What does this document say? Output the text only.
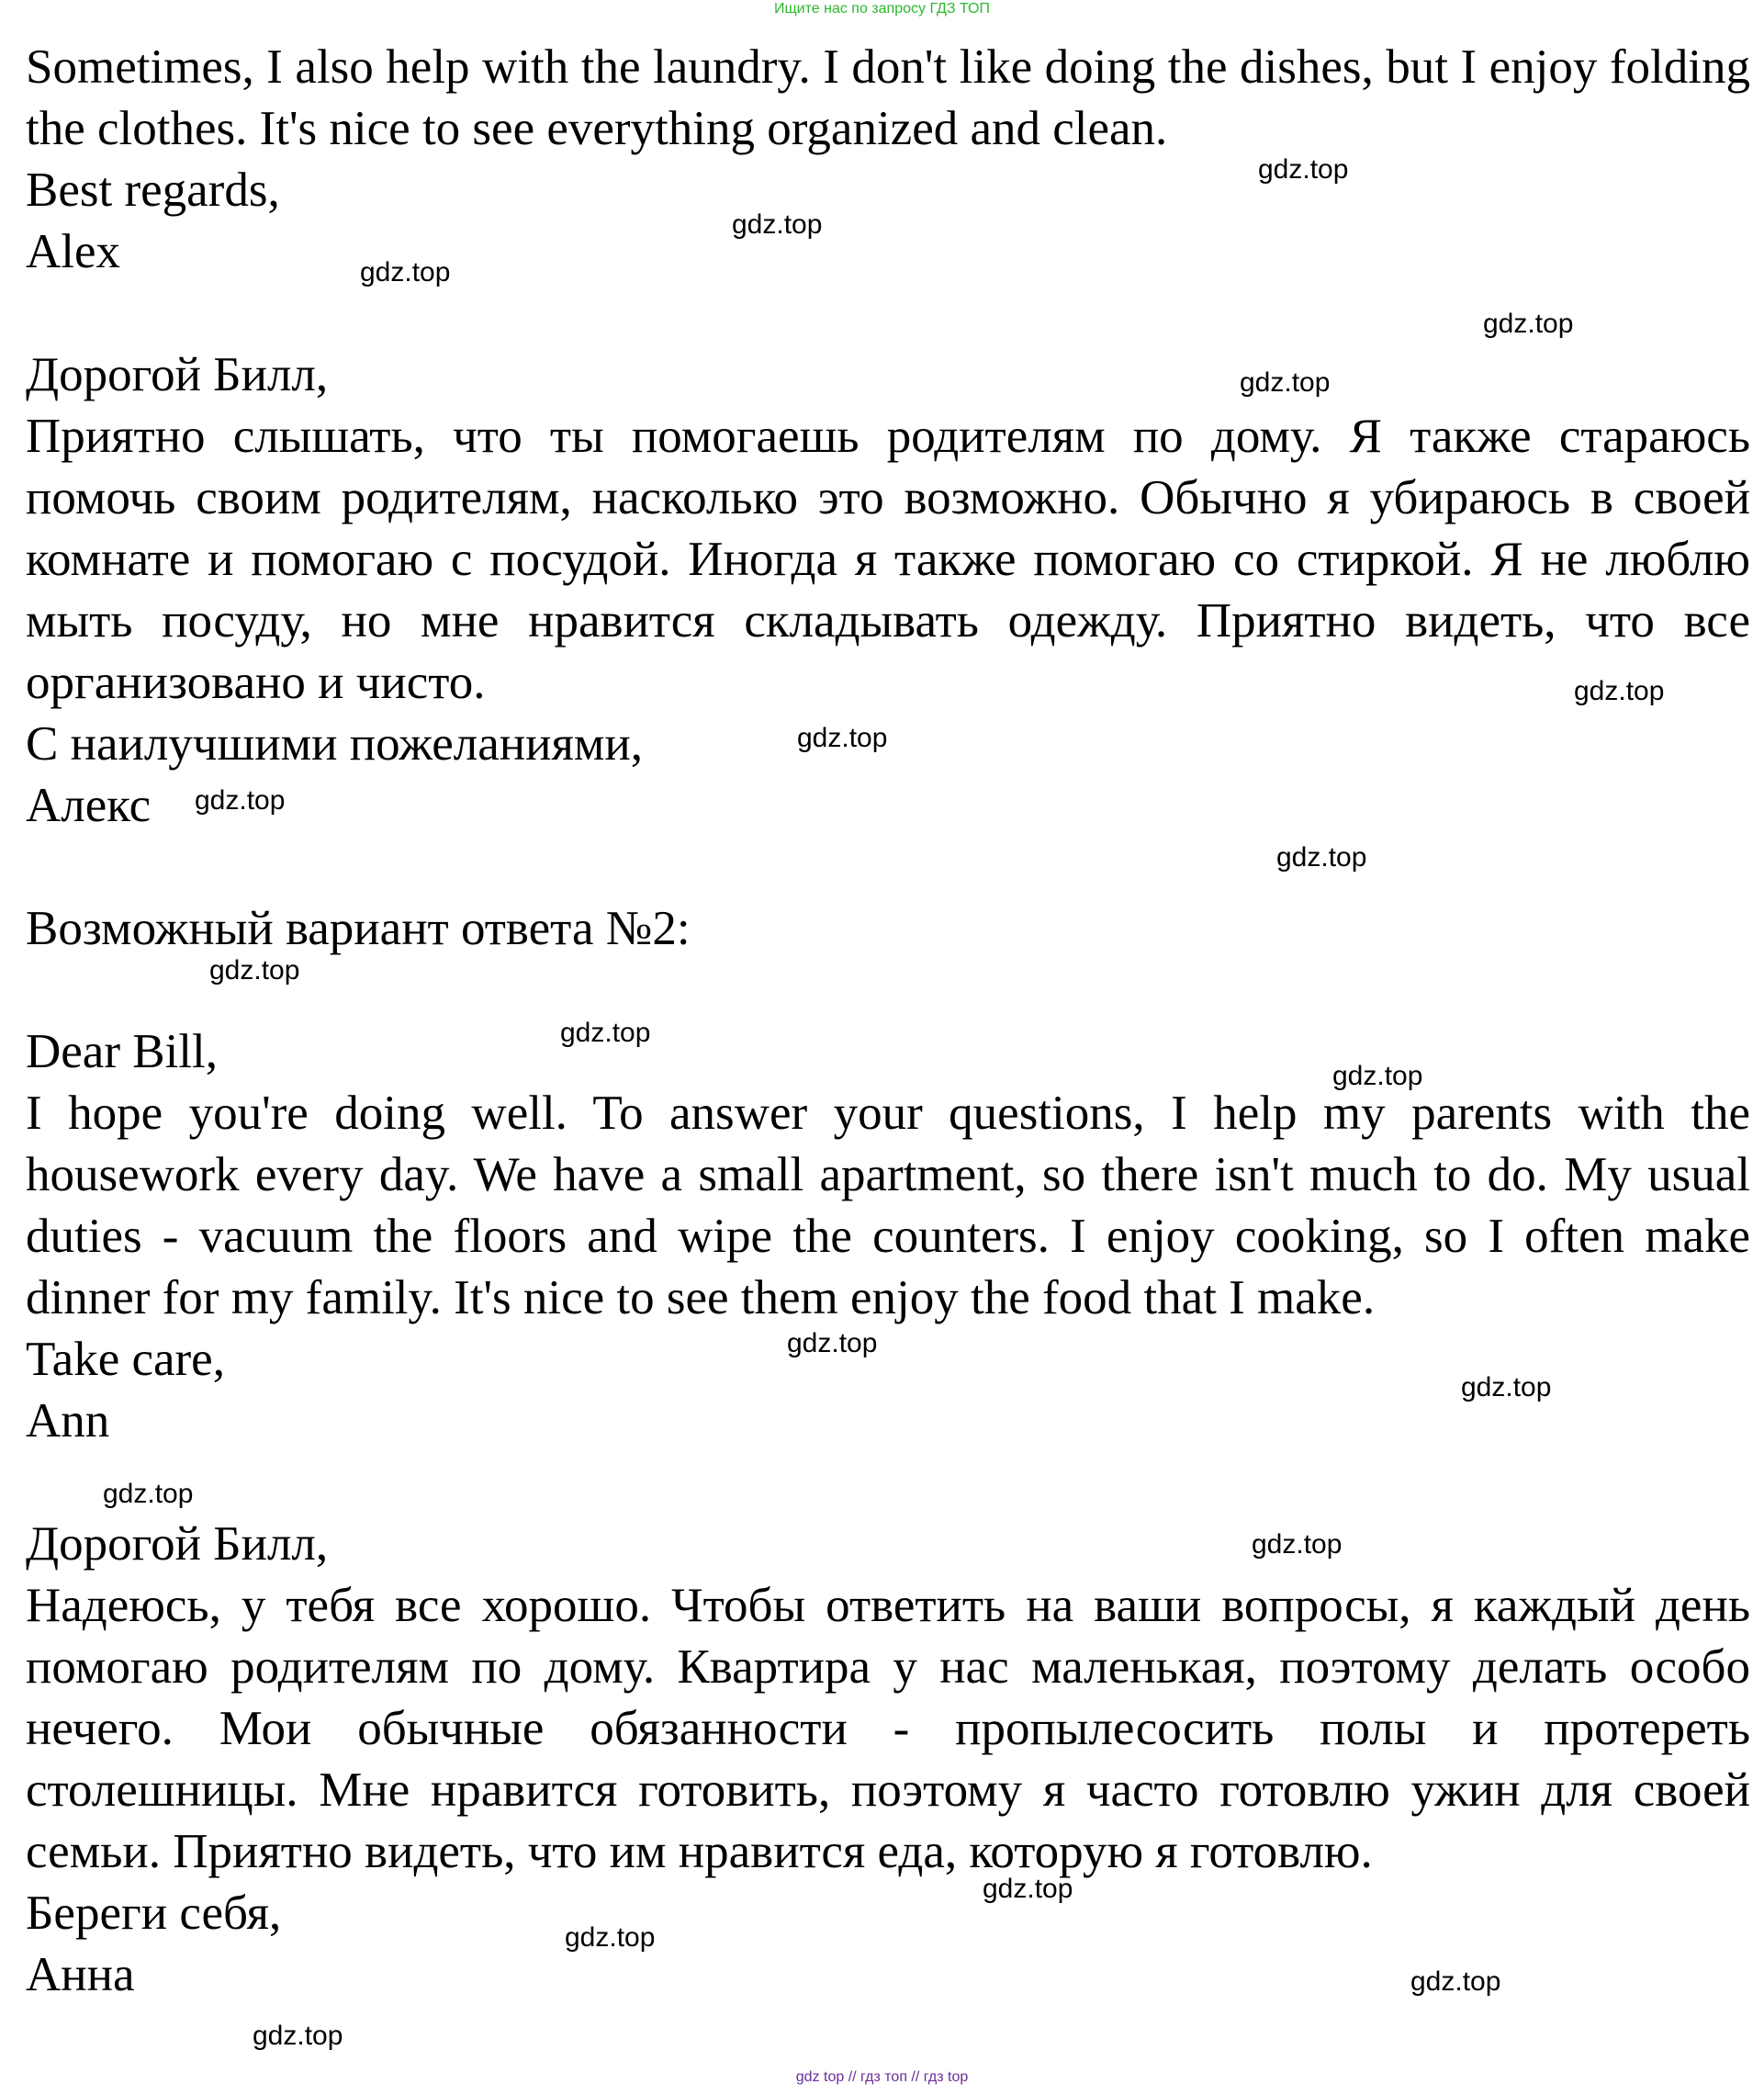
Ищите нас по запросу ГДЗ ТОП

Sometimes, I also help with the laundry. I don't like doing the dishes, but I enjoy folding the clothes. It's nice to see everything organized and clean.

Best regards,
Alex
Дорогой Билл,

Приятно слышать, что ты помогаешь родителям по дому. Я также стараюсь помочь своим родителям, насколько это возможно. Обычно я убираюсь в своей комнате и помогаю с посудой. Иногда я также помогаю со стиркой. Я не люблю мыть посуду, но мне нравится складывать одежду. Приятно видеть, что все организовано и чисто.

С наилучшими пожеланиями,
Алекс
Возможный вариант ответа №2:
Dear Bill,

I hope you're doing well. To answer your questions, I help my parents with the housework every day. We have a small apartment, so there isn't much to do. My usual duties - vacuum the floors and wipe the counters. I enjoy cooking, so I often make dinner for my family. It's nice to see them enjoy the food that I make.

Take care,
Ann
Дорогой Билл,

Надеюсь, у тебя все хорошо. Чтобы ответить на ваши вопросы, я каждый день помогаю родителям по дому. Квартира у нас маленькая, поэтому делать особо нечего. Мои обычные обязанности - пропылесосить полы и протереть столешницы. Мне нравится готовить, поэтому я часто готовлю ужин для своей семьи. Приятно видеть, что им нравится еда, которую я готовлю.

Береги себя,
Анна
gdz.top
gdz.top
gdz.top
gdz.top
gdz.top
gdz.top
gdz.top
gdz.top
gdz.top
gdz.top
gdz.top
gdz.top
gdz.top
gdz.top
gdz.top
gdz.top
gdz.top
gdz.top
gdz.top
gdz.top
gdz top // гдз топ // гдз top
